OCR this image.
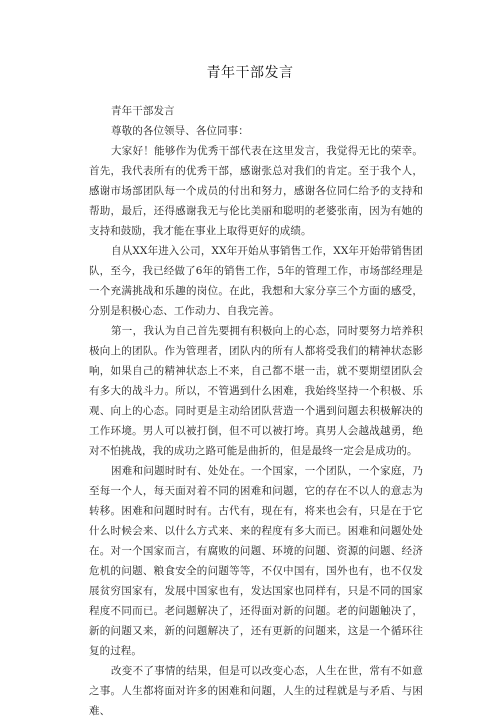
青年干部发言

青年干部发言

尊敬的各位领导、各位同事：

大家好！能够作为优秀干部代表在这里发言，我觉得无比的荣幸。首先，我代表所有的优秀干部，感谢张总对我们的肯定。至于我个人，感谢市场部团队每一个成员的付出和努力，感谢各位同仁给予的支持和帮助，最后，还得感谢我无与伦比美丽和聪明的老婆张南，因为有她的支持和鼓励，我才能在事业上取得更好的成绩。

自从XX年进入公司，XX年开始从事销售工作，XX年开始带销售团队，至今，我已经做了6年的销售工作，5年的管理工作，市场部经理是一个充满挑战和乐趣的岗位。在此，我想和大家分享三个方面的感受，分别是积极心态、工作动力、自我完善。

第一，我认为自己首先要拥有积极向上的心态，同时要努力培养积极向上的团队。作为管理者，团队内的所有人都将受我们的精神状态影响，如果自己的精神状态上不来，自己都不堪一击，就不要期望团队会有多大的战斗力。所以，不管遇到什么困难，我始终坚持一个积极、乐观、向上的心态。同时更是主动给团队营造一个遇到问题去积极解决的工作环境。男人可以被打倒，但不可以被打垮。真男人会越战越勇，绝对不怕挑战，我的成功之路可能是曲折的，但是最终一定会是成功的。

困难和问题时时有、处处在。一个国家，一个团队，一个家庭，乃至每一个人，每天面对着不同的困难和问题，它的存在不以人的意志为转移。困难和问题时时有。古代有，现在有，将来也会有，只是在于它什么时候会来、以什么方式来、来的程度有多大而已。困难和问题处处在。对一个国家而言，有腐败的问题、环境的问题、资源的问题、经济危机的问题、粮食安全的问题等等，不仅中国有，国外也有，也不仅发展贫穷国家有，发展中国家也有，发达国家也同样有，只是不同的国家程度不同而已。老问题解决了，还得面对新的问题。老的问题触决了，新的问题又来，新的问题解决了，还有更新的问题来，这是一个循环往复的过程。

改变不了事情的结果，但是可以改变心态，人生在世，常有不如意之事。人生都将面对许多的困难和问题，人生的过程就是与矛盾、与困难、
